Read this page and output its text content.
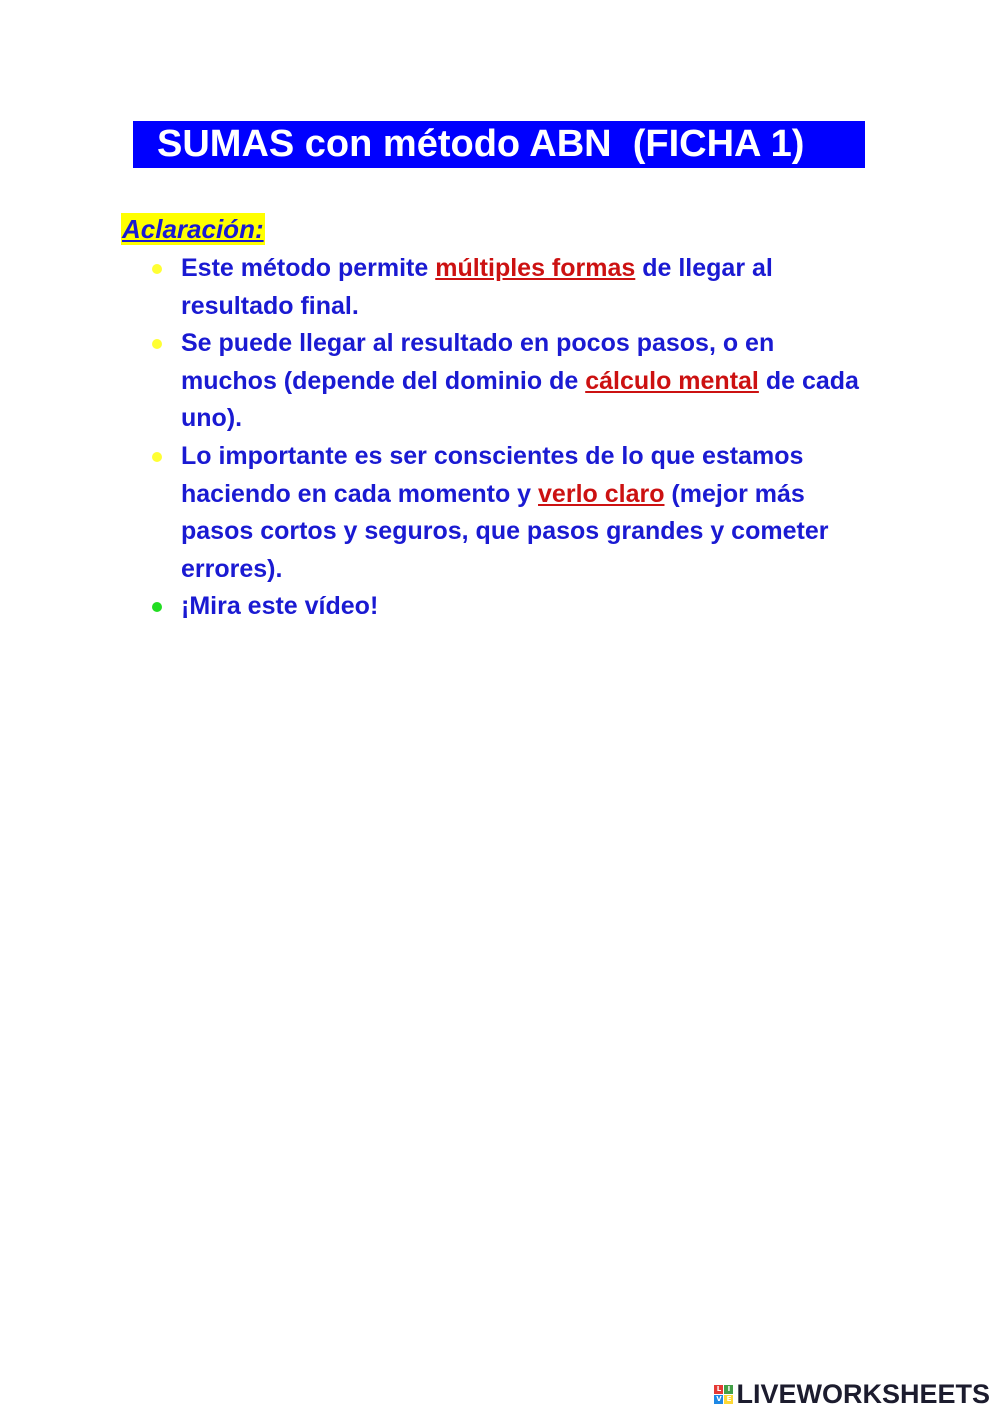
SUMAS con método ABN  (FICHA 1)
Aclaración:
Este método permite múltiples formas de llegar al resultado final.
Se puede llegar al resultado en pocos pasos, o en muchos (depende del dominio de cálculo mental de cada uno).
Lo importante es ser conscientes de lo que estamos haciendo en cada momento y verlo claro (mejor más pasos cortos y seguros, que pasos grandes y cometer errores).
¡Mira este vídeo!
L I
V E LIVEWORKSHEETS
